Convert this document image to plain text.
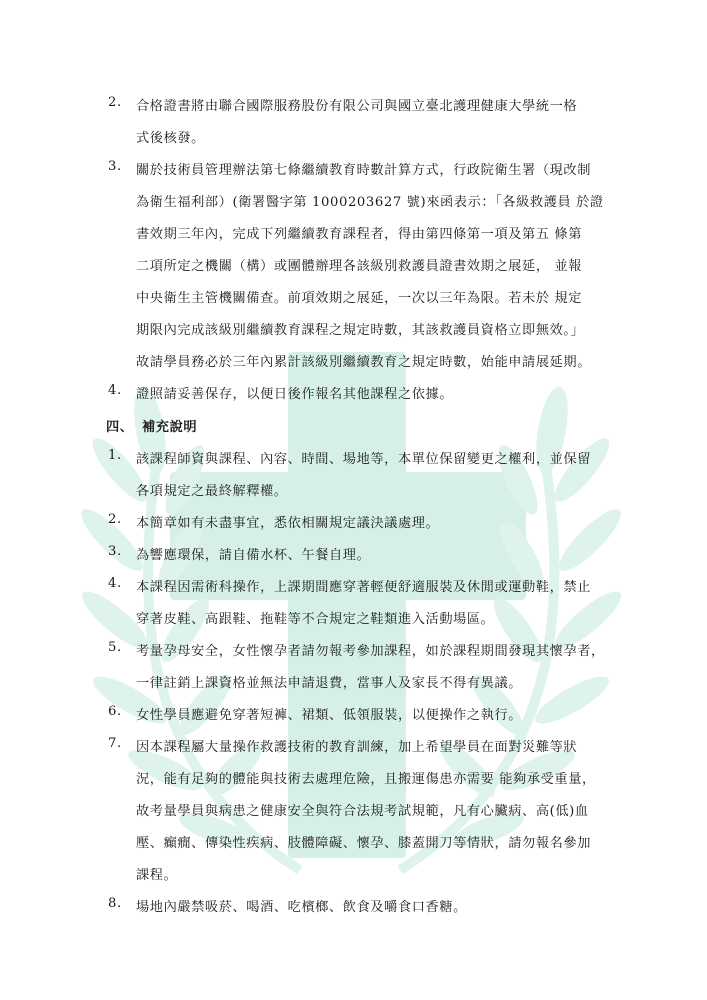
2. 合格證書將由聯合國際服務股份有限公司與國立臺北護理健康大學統一格
式後核發。
3. 關於技術員管理辦法第七條繼續教育時數計算方式，行政院衛生署（現改制
為衛生福利部）(衛署醫字第 1000203627 號)來函表示：「各級救護員 於證
書效期三年內，完成下列繼續教育課程者，得由第四條第一項及第五 條第
二項所定之機關（構）或團體辦理各該級別救護員證書效期之展延， 並報
中央衛生主管機關備查。前項效期之展延，一次以三年為限。若未於 規定
期限內完成該級別繼續教育課程之規定時數，其該救護員資格立即無效。」
故請學員務必於三年內累計該級別繼續教育之規定時數，始能申請展延期。
4. 證照請妥善保存，以便日後作報名其他課程之依據。
四、 補充說明
1. 該課程師資與課程、內容、時間、場地等，本單位保留變更之權利，並保留
各項規定之最終解釋權。
2. 本簡章如有未盡事宜，悉依相關規定議決議處理。
3. 為響應環保，請自備水杯、午餐自理。
4. 本課程因需術科操作，上課期間應穿著輕便舒適服裝及休閒或運動鞋，禁止
穿著皮鞋、高跟鞋、拖鞋等不合規定之鞋類進入活動場區。
5. 考量孕母安全，女性懷孕者請勿報考參加課程，如於課程期間發現其懷孕者，
一律註銷上課資格並無法申請退費，當事人及家長不得有異議。
6. 女性學員應避免穿著短褲、裙類、低領服裝，以便操作之執行。
7. 因本課程屬大量操作救護技術的教育訓練，加上希望學員在面對災難等狀
況，能有足夠的體能與技術去處理危險，且搬運傷患亦需要 能夠承受重量，
故考量學員與病患之健康安全與符合法規考試規範，凡有心臟病、高(低)血
壓、癲癇、傳染性疾病、肢體障礙、懷孕、膝蓋開刀等情狀，請勿報名參加
課程。
8. 場地內嚴禁吸菸、喝酒、吃檳榔、飲食及嚼食口香糖。
